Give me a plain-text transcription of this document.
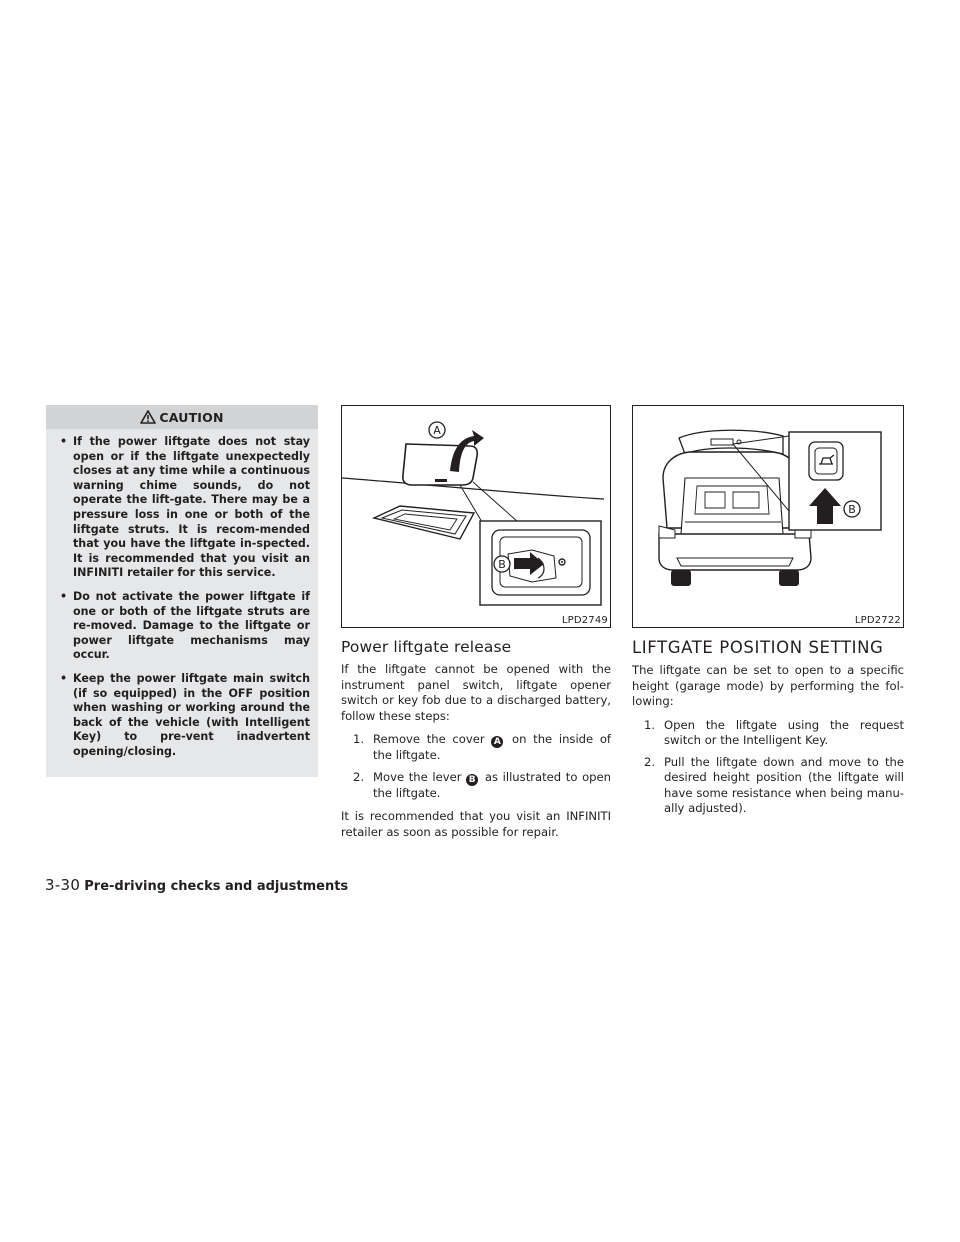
CAUTION
• If the power liftgate does not stay open or if the liftgate unexpectedly closes at any time while a continuous warning chime sounds, do not operate the lift-gate. There may be a pressure loss in one or both of the liftgate struts. It is recom-mended that you have the liftgate in-spected. It is recommended that you visit an INFINITI retailer for this service.
• Do not activate the power liftgate if one or both of the liftgate struts are re-moved. Damage to the liftgate or power liftgate mechanisms may occur.
• Keep the power liftgate main switch (if so equipped) in the OFF position when washing or working around the back of the vehicle (with Intelligent Key) to pre-vent inadvertent opening/closing.
A
B
LPD2749
Power liftgate release

If the liftgate cannot be opened with the instrument panel switch, liftgate opener switch or key fob due to a discharged battery, follow these steps:

1. Remove the cover A on the inside of the liftgate.
2. Move the lever B as illustrated to open the liftgate.

It is recommended that you visit an INFINITI retailer as soon as possible for repair.

B
LPD2722
LIFTGATE POSITION SETTING

The liftgate can be set to open to a specific height (garage mode) by performing the fol-lowing:

1. Open the liftgate using the request switch or the Intelligent Key.
2. Pull the liftgate down and move to the desired height position (the liftgate will have some resistance when being manu-ally adjusted).
3-30 Pre-driving checks and adjustments
